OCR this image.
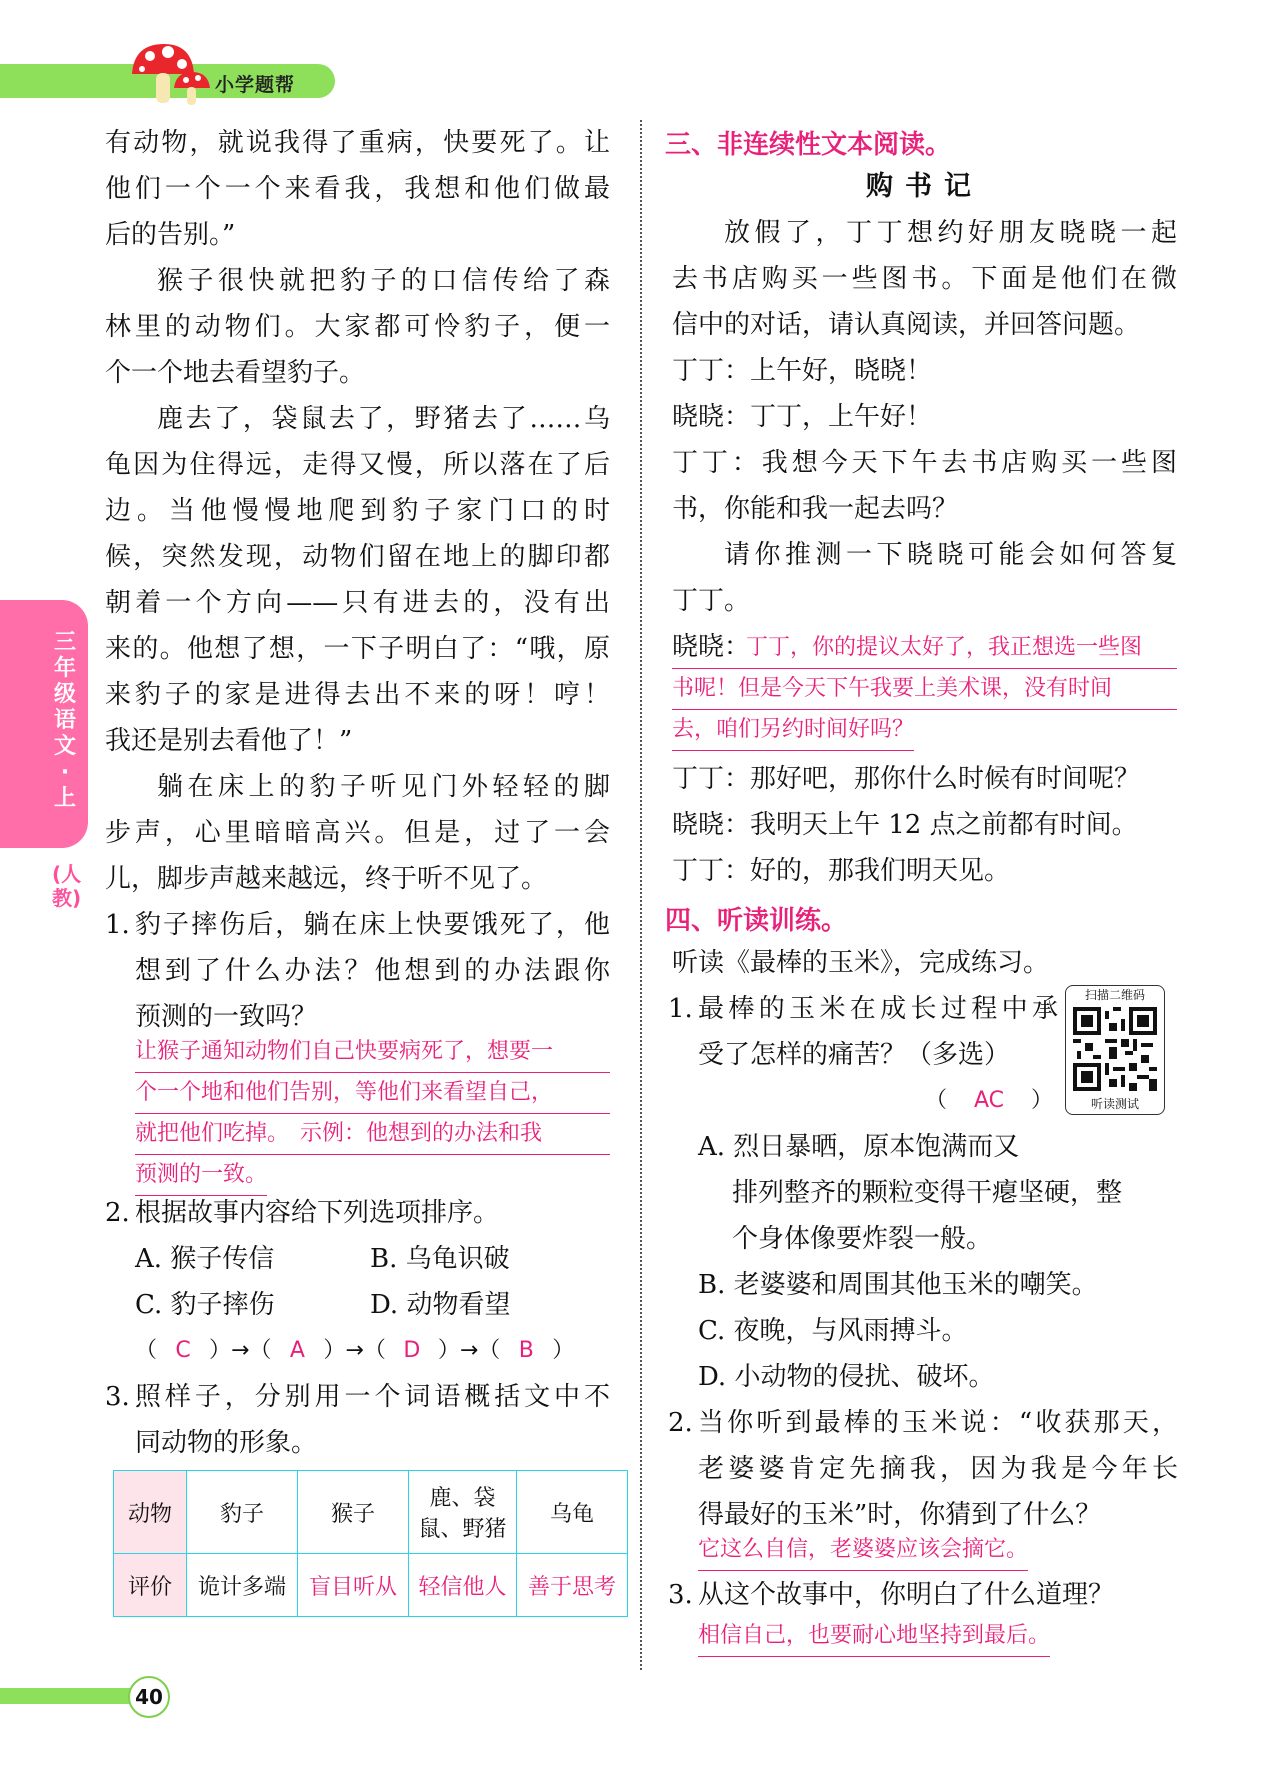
小学题帮
三年级语文·上
(人教)
40

有动物，就说我得了重病，快要死了。让

他们一个一个来看我，我想和他们做最

后的告别。”

猴子很快就把豹子的口信传给了森

林里的动物们。大家都可怜豹子，便一

个一个地去看望豹子。

鹿去了，袋鼠去了，野猪去了……乌

龟因为住得远，走得又慢，所以落在了后

边。当他慢慢地爬到豹子家门口的时

候，突然发现，动物们留在地上的脚印都

朝着一个方向——只有进去的，没有出

来的。他想了想，一下子明白了：“哦，原

来豹子的家是进得去出不来的呀！哼！

我还是别去看他了！”

躺在床上的豹子听见门外轻轻的脚

步声，心里暗暗高兴。但是，过了一会

儿，脚步声越来越远，终于听不见了。

1. 豹子摔伤后，躺在床上快要饿死了，他

想到了什么办法？他想到的办法跟你

预测的一致吗？

让猴子通知动物们自己快要病死了，想要一
个一个地和他们告别，等他们来看望自己，
就把他们吃掉。　示例：他想到的办法和我
预测的一致。
2. 根据故事内容给下列选项排序。
A. 猴子传信	B. 乌龟识破
C. 豹子摔伤	D. 动物看望
（ C ）→（ A ）→（ D ）→（ B ）
3. 照样子，分别用一个词语概括文中不

同动物的形象。

动物	豹子	猴子	鹿、袋鼠、野猪	乌龟
评价	诡计多端	盲目听从	轻信他人	善于思考
三、非连续性文本阅读。
购书记

放假了，丁丁想约好朋友晓晓一起

去书店购买一些图书。下面是他们在微

信中的对话，请认真阅读，并回答问题。

丁丁：上午好，晓晓！

晓晓：丁丁，上午好！

丁丁：我想今天下午去书店购买一些图

书，你能和我一起去吗？

请你推测一下晓晓可能会如何答复

丁丁。

晓晓：
丁丁，你的提议太好了，我正想选一些图
书呢！但是今天下午我要上美术课，没有时间
去，咱们另约时间好吗？

丁丁：那好吧，那你什么时候有时间呢？

晓晓：我明天上午 12 点之前都有时间。

丁丁：好的，那我们明天见。

四、听读训练。
听读《最棒的玉米》，完成练习。
1. 最棒的玉米在成长过程中承

受了怎样的痛苦？（多选）

（ AC ）
扫描二维码
听读测试
A. 烈日暴晒，原本饱满而又
排列整齐的颗粒变得干瘪坚硬，整
个身体像要炸裂一般。
B. 老婆婆和周围其他玉米的嘲笑。
C. 夜晚，与风雨搏斗。
D. 小动物的侵扰、破坏。
2. 当你听到最棒的玉米说：“收获那天，

老婆婆肯定先摘我，因为我是今年长

得最好的玉米”时，你猜到了什么？

它这么自信，老婆婆应该会摘它。
3. 从这个故事中，你明白了什么道理？
相信自己，也要耐心地坚持到最后。
